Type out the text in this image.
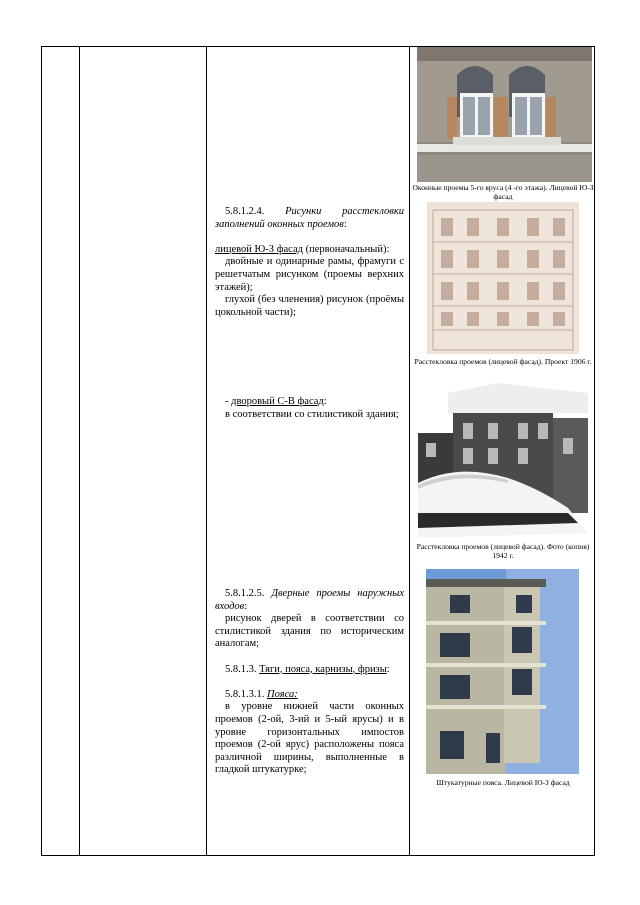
5.8.1.2.4. Рисунки расстекловки заполнений оконных проемов:

лицевой Ю-З фасад (первоначальный):

двойные и одинарные рамы, фрамуги с решетчатым рисунком (проемы верхних этажей);

глухой (без членения) рисунок (проёмы цокольной части);

- дворовый С-В фасад:

в соответствии со стилистикой здания;

5.8.1.2.5. Дверные проемы наружных входов:

рисунок дверей в соответствии со стилистикой здания по историческим аналогам;

5.8.1.3. Тяги, пояса, карнизы, фризы:

5.8.1.3.1. Пояса:

в уровне нижней части оконных проемов (2-ой, 3-ий и 5-ый ярусы) и в уровне горизонтальных импостов проемов (2-ой ярус) расположены пояса различной ширины, выполненные в гладкой штукатурке;

Оконные проемы 5-го яруса (4 -го этажа). Лицевой Ю-З фасад
Расстекловка проемов (лицевой фасад). Проект 1906 г.
Расстекловка проемов (лицевой фасад). Фото (копия) 1942 г.
Штукатурные пояса. Лицевой Ю-З фасад
